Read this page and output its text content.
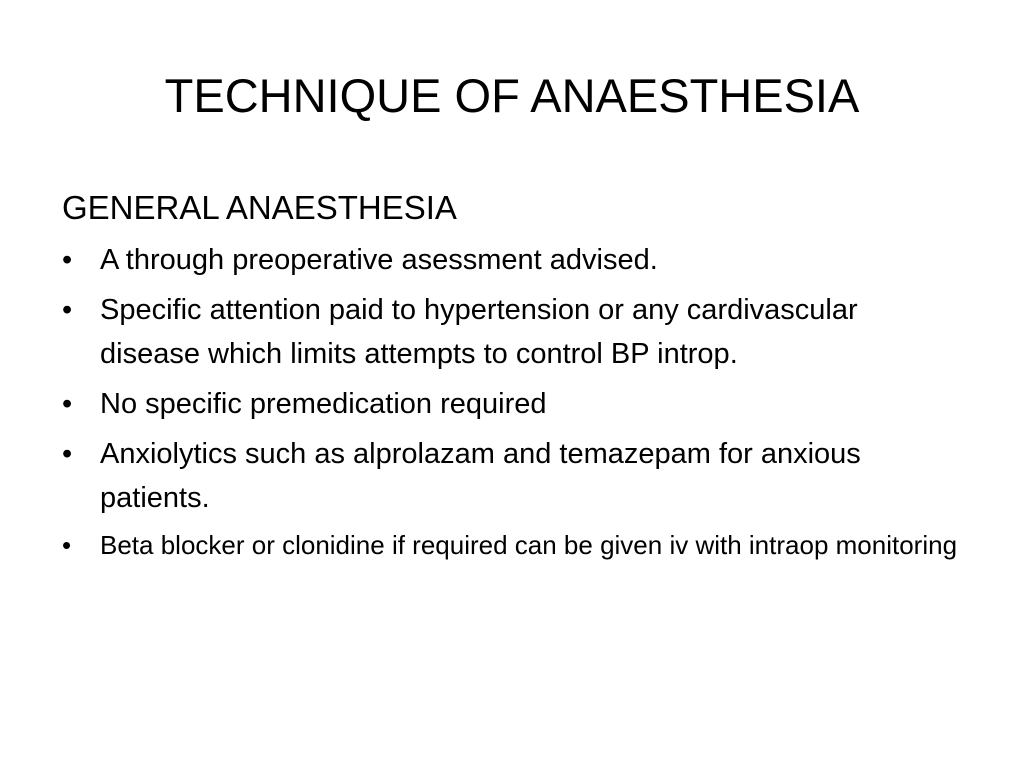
TECHNIQUE OF ANAESTHESIA
GENERAL ANAESTHESIA
• A through preoperative asessment advised.
• Specific attention paid to hypertension or any cardivascular disease which limits attempts to control BP introp.
• No specific premedication required
• Anxiolytics such as alprolazam and temazepam for anxious patients.
• Beta blocker or clonidine if required can be given iv with intraop monitoring
